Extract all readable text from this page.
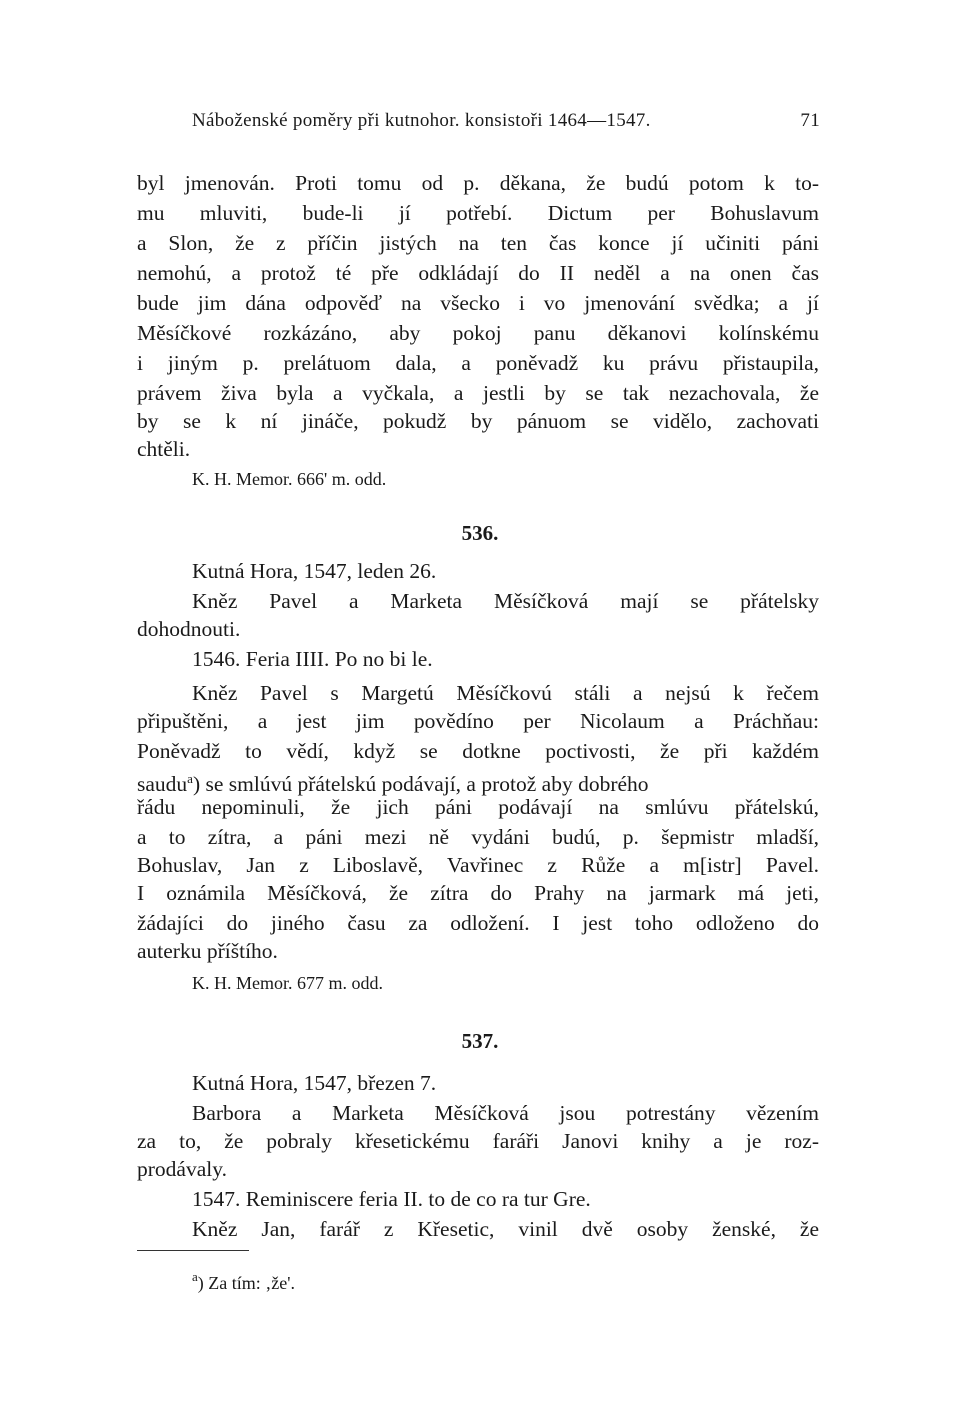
Náboženské poměry při kutnohor. konsistoři 1464—1547.	71
byl jmenován. Proti tomu od p. děkana, že budú potom k to-
mu mluviti, bude-li jí potřebí. Dictum per Bohuslavum
a Slon, že z příčin jistých na ten čas konce jí učiniti páni
nemohú, a protož té pře odkládají do II neděl a na onen čas
bude jim dána odpověď na všecko i vo jmenování svědka; a jí
Měsíčkové rozkázáno, aby pokoj panu děkanovi kolínskému
i jiným p. prelátuom dala, a poněvadž ku právu přistaupila,
právem živa byla a vyčkala, a jestli by se tak nezachovala, že
by se k ní jináče, pokudž by pánuom se vidělo, zachovati
chtěli.
K. H. Memor. 666' m. odd.
536.
Kutná Hora, 1547, leden 26.
Kněz Pavel a Marketa Měsíčková mají se přátelsky
dohodnouti.
1546. Feria IIII. Po no bi le.
Kněz Pavel s Margetú Měsíčkovú stáli a nejsú k řečem
připuštěni, a jest jim povědíno per Nicolaum a Práchňau:
Poněvadž to vědí, když se dotkne poctivosti, že při každém
saudu$^a$) se smlúvú přátelskú podávají, a protož aby dobrého
řádu nepominuli, že jich páni podávají na smlúvu přátelskú,
a to zítra, a páni mezi ně vydáni budú, p. šepmistr mladší,
Bohuslav, Jan z Liboslavě, Vavřinec z Růže a m[istr] Pavel.
I oznámila Měsíčková, že zítra do Prahy na jarmark má jeti,
žádajíci do jiného času za odložení. I jest toho odloženo do
auterku příštího.
K. H. Memor. 677 m. odd.
537.
Kutná Hora, 1547, březen 7.
Barbora a Marketa Měsíčková jsou potrestány vězením
za to, že pobraly křesetickému faráři Janovi knihy a je roz-
prodávaly.
1547. Reminiscere feria II. to de co ra tur Gre.
Kněz Jan, farář z Křesetic, vinil dvě osoby ženské, že
$^a$) Za tím: ‚že'.
